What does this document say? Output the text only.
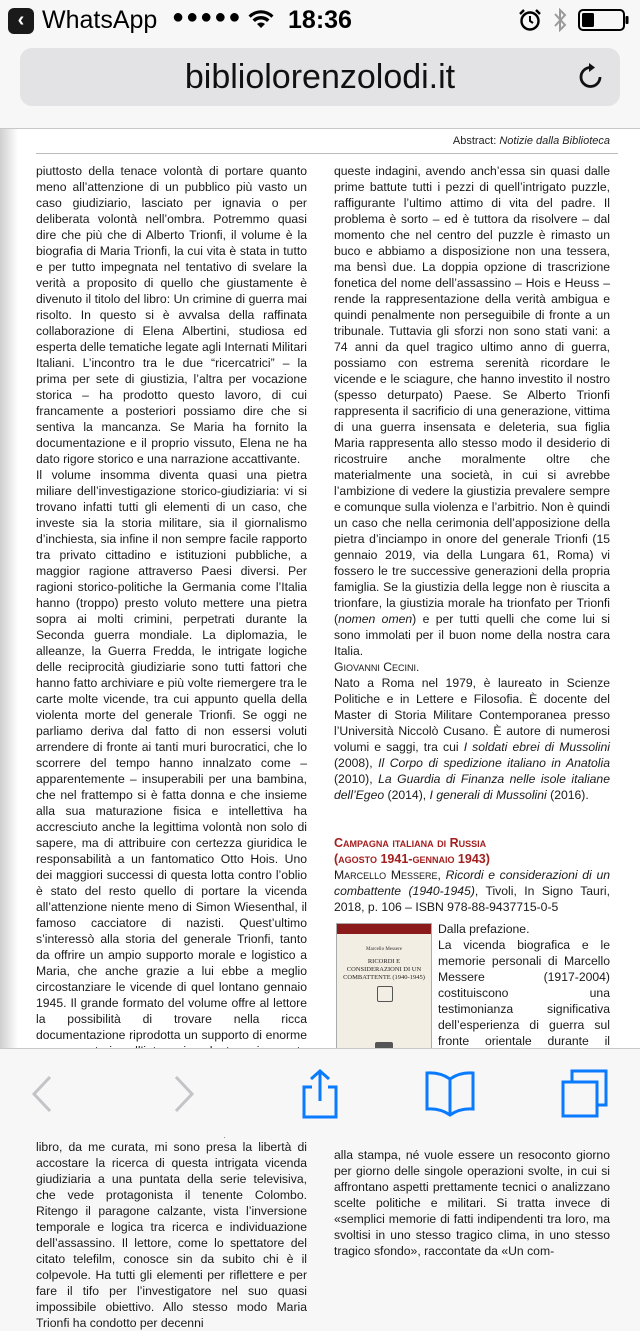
‹ WhatsApp ●●●●●	18:36
bibliolorenzolodi.it
Abstract: Notizie dalla Biblioteca

piuttosto della tenace volontà di portare quanto meno all’attenzione di un pubblico più vasto un caso giudiziario, lasciato per ignavia o per deliberata volontà nell’ombra. Potremmo quasi dire che più che di Alberto Trionfi, il volume è la biografia di Maria Trionfi, la cui vita è stata in tutto e per tutto impegnata nel tentativo di svelare la verità a proposito di quello che giustamente è divenuto il titolo del libro: Un crimine di guerra mai risolto. In questo si è avvalsa della raffinata collaborazione di Elena Albertini, studiosa ed esperta delle tematiche legate agli Internati Militari Italiani. L’incontro tra le due “ricercatrici” – la prima per sete di giustizia, l’altra per vocazione storica – ha prodotto questo lavoro, di cui francamente a posteriori possiamo dire che si sentiva la mancanza. Se Maria ha fornito la documentazione e il proprio vissuto, Elena ne ha dato rigore storico e una narrazione accattivante.

Il volume insomma diventa quasi una pietra miliare dell’investigazione storico-giudiziaria: vi si trovano infatti tutti gli elementi di un caso, che investe sia la storia militare, sia il giornalismo d’inchiesta, sia infine il non sempre facile rapporto tra privato cittadino e istituzioni pubbliche, a maggior ragione attraverso Paesi diversi. Per ragioni storico-politiche la Germania come l’Italia hanno (troppo) presto voluto mettere una pietra sopra ai molti crimini, perpetrati durante la Seconda guerra mondiale. La diplomazia, le alleanze, la Guerra Fredda, le intrigate logiche delle reciprocità giudiziarie sono tutti fattori che hanno fatto archiviare e più volte riemergere tra le carte molte vicende, tra cui appunto quella della violenta morte del generale Trionfi. Se oggi ne parliamo deriva dal fatto di non essersi voluti arrendere di fronte ai tanti muri burocratici, che lo scorrere del tempo hanno innalzato come – apparentemente – insuperabili per una bambina, che nel frattempo si è fatta donna e che insieme alla sua maturazione fisica e intellettiva ha accresciuto anche la legittima volontà non solo di sapere, ma di attribuire con certezza giuridica le responsabilità a un fantomatico Otto Hois. Uno dei maggiori successi di questa lotta contro l’oblio è stato del resto quello di portare la vicenda all’attenzione niente meno di Simon Wiesenthal, il famoso cacciatore di nazisti. Quest’ultimo s’interessò alla storia del generale Trionfi, tanto da offrire un ampio supporto morale e logistico a Maria, che anche grazie a lui ebbe a meglio circostanziare le vicende di quel lontano gennaio 1945. Il grande formato del volume offre al lettore la possibilità di trovare nella ricca documentazione riprodotta un supporto di enorme

libro, da me curata, mi sono presa la libertà di accostare la ricerca di questa intrigata vicenda giudiziaria a una puntata della serie televisiva, che vede protagonista il tenente Colombo. Ritengo il paragone calzante, vista l’inversione temporale e logica tra ricerca e individuazione dell’assassino. Il lettore, come lo spettatore del citato telefilm, conosce sin da subito chi è il colpevole. Ha tutti gli elementi per riflettere e per fare il tifo per l’investigatore nel suo quasi impossibile obiettivo. Allo stesso modo Maria Trionfi ha condotto per decenni

queste indagini, avendo anch’essa sin quasi dalle prime battute tutti i pezzi di quell’intrigato puzzle, raffigurante l’ultimo attimo di vita del padre. Il problema è sorto – ed è tuttora da risolvere – dal momento che nel centro del puzzle è rimasto un buco e abbiamo a disposizione non una tessera, ma bensì due. La doppia opzione di trascrizione fonetica del nome dell’assassino – Hois e Heuss – rende la rappresentazione della verità ambigua e quindi penalmente non perseguibile di fronte a un tribunale. Tuttavia gli sforzi non sono stati vani: a 74 anni da quel tragico ultimo anno di guerra, possiamo con estrema serenità ricordare le vicende e le sciagure, che hanno investito il nostro (spesso deturpato) Paese. Se Alberto Trionfi rappresenta il sacrificio di una generazione, vittima di una guerra insensata e deleteria, sua figlia Maria rappresenta allo stesso modo il desiderio di ricostruire anche moralmente oltre che materialmente una società, in cui si avrebbe l’ambizione di vedere la giustizia prevalere sempre e comunque sulla violenza e l’arbitrio. Non è quindi un caso che nella cerimonia dell’apposizione della pietra d’inciampo in onore del generale Trionfi (15 gennaio 2019, via della Lungara 61, Roma) vi fossero le tre successive generazioni della propria famiglia. Se la giustizia della legge non è riuscita a trionfare, la giustizia morale ha trionfato per Trionfi (nomen omen) e per tutti quelli che come lui si sono immolati per il buon nome della nostra cara Italia.

Giovanni Cecini.

Nato a Roma nel 1979, è laureato in Scienze Politiche e in Lettere e Filosofia. È docente del Master di Storia Militare Contemporanea presso l’Università Niccolò Cusano. È autore di numerosi volumi e saggi, tra cui I soldati ebrei di Mussolini (2008), Il Corpo di spedizione italiano in Anatolia (2010), La Guardia di Finanza nelle isole italiane dell’Egeo (2014), I generali di Mussolini (2016).

Campagna italiana di Russia
(agosto 1941-gennaio 1943)

Marcello Messere, Ricordi e considerazioni di un combattente (1940-1945), Tivoli, In Signo Tauri, 2018, p. 106 – ISBN 978-88-9437715-0-5

Marcello Messere
RICORDI E CONSIDERAZIONI DI UN COMBATTENTE (1940-1945)

Dalla prefazione.

La vicenda biografica e le memorie personali di Marcello Messere (1917-2004) costituiscono una testimonianza significativa dell’esperienza di guerra sul fronte orientale durante il

alla stampa, né vuole essere un resoconto giorno per giorno delle singole operazioni svolte, in cui si affrontano aspetti prettamente tecnici o analizzano scelte politiche e militari. Si tratta invece di «semplici memorie di fatti indipendenti tra loro, ma svoltisi in uno stesso tragico clima, in uno stesso tragico sfondo», raccontate da «Un com-
